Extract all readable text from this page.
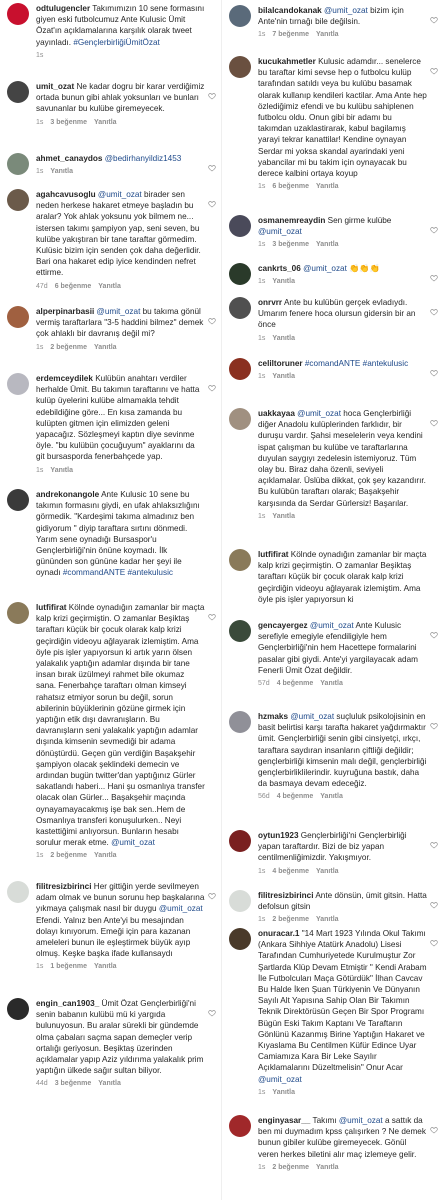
odtulugencler Takımımızın 10 sene formasını giyen eski futbolcumuz Ante Kulusic Ümit Özat'ın açıklamalarına karşılık olarak tweet yayınladı. #GençlerbirliğiÜmitÖzat
1s
umit_ozat Ne kadar dogru bir karar verdiğimiz ortada bunun gibi ahlak yoksunları ve bunları savunanlar bu kulübe giremeyecek.
1s 3 beğenme Yanıtla
ahmet_canaydos @bedirhanyildiz1453
1s Yanıtla
agahcavusoglu @umit_ozat birader sen neden herkese hakaret etmeye başladın bu aralar? Yok ahlak yoksunu yok bilmem ne... istersen takımı şampiyon yap, seni seven, bu kulübe yakıştıran bir tane taraftar görmedim. Kulüsic bizim için senden çok daha değerlidir. Bari ona hakaret edip iyice kendinden nefret ettirme.
47d 6 beğenme Yanıtla
alperpinarbasii @umit_ozat bu takıma gönül vermiş taraftarlara "3-5 haddini bilmez" demek çok ahlaklı bir davranış değil mi?
1s 2 beğenme Yanıtla
erdemceydilek Kulübün anahtarı verdiler herhalde Ümit. Bu takımın taraftarını ve hatta kulüp üyelerini kulübe almamakla tehdit edebildiğine göre... En kısa zamanda bu kulüpten gitmen için elimizden geleni yapacağız. Sözleşmeyi kaptın diye sevinme öyle. "bu kulübün çocuğuyum" ayaklarını da git bursasporda fenerbahçede yap.
1s Yanıtla
andrekonangole Ante Kulusic 10 sene bu takımın formasını giydi, en ufak ahlaksızlığını görmedik. "Kardeşimi takıma almadınız ben gidiyorum " diyip taraftara sırtını dönmedi. Yarım sene oynadığı Bursaspor'u Gençlerbirliği'nin önüne koymadı. İlk gününden son gününe kadar her şeyi ile oynadı #commandANTE #antekulusic
lutfifirat Kölnde oynadığın zamanlar bir maçta kalp krizi geçirmiştin. O zamanlar Beşiktaş taraftarı küçük bir çocuk olarak kalp krizi geçirdiğin videoyu ağlayarak izlemiştim. Ama öyle pis işler yapıyorsun ki artık yarın ölsen yalakalık yaptığın adamlar dışında bir tane insan bırak üzülmeyi rahmet bile okumaz sana. Fenerbahçe taraftarı olman kimseyi rahatsız etmiyor sorun bu değil, sorun abilerinin büyüklerinin gözüne girmek için yaptığın etik dışı davranışların. Bu davranışların seni yalakalık yaptığın adamlar dışında kimsenin sevmediği bir adama dönüştürdü. Geçen gün verdiğin Başakşehir şampiyon olacak şeklindeki demecin ve ardından bugün twitter'dan yaptığınız Gürler sakatlandı haberi... Hani şu osmanlıya transfer olacak olan Gürler... Başakşehir maçında oynayamayacakmış işe bak sen..Hem de Osmanlıya transferi konuşulurken.. Neyi kastettiğimi anlıyorsun. Bunların hesabı sorulur merak etme. @umit_ozat
1s 2 beğenme Yanıtla
filitresizbirinci Her gittiğin yerde sevilmeyen adam olmak ve bunun sorunu hep başkalarına yıkmaya çalışmak nasıl bir duygu @umit_ozat Efendi. Yalnız ben Ante'yi bu mesajından dolayı kınıyorum. Emeği için para kazanan ameleleri bunun ile eşleştirmek büyük ayıp olmuş. Keşke başka ifade kullansaydı
1s 1 beğenme Yanıtla
engin_can1903_ Ümit Özat Gençlerbirliği'ni senin babanın kulübü mü ki yargıda bulunuyosun. Bu aralar sürekli bir gündemde olma çabaları saçma sapan demeçler verip ortalığı geriyosun. Beşiktaş üzerinden açıklamalar yapıp Aziz yıldırıma yalakalık prim yaptığın ülkede sağır sultan biliyor.
44d 3 beğenme Yanıtla
bilalcandokanak @umit_ozat bizim için Ante'nin tırnağı bile değilsin.
1s 7 beğenme Yanıtla
kucukahmetler Kulusic adamdır... senelerce bu taraftar kimi sevse hep o futbolcu kulüp tarafından satıldı veya bu kulübu basamak olarak kullanıp kendileri kactilar. Ama Ante hep özlediğimiz efendi ve bu kulübu sahiplenen futbolcu oldu. Onun gibi bir adamı bu takımdan uzaklastirarak, kabul bagilamış yarayi tekrar kanattilar! Kendine oynayan Serdar mi yoksa skandal ayarindaki yeni yabancilar mi bu takim için oynayacak bu derece kalbini ortaya koyup
1s 6 beğenme Yanıtla
osmanemreaydin Sen girme kulübe @umit_ozat
1s 3 beğenme Yanıtla
cankrts_06 @umit_ozat 👏👏👏
1s Yanıtla
onrvrr Ante bu kulübün gerçek evladıydı. Umarım fenere hoca olursun gidersin bir an önce
1s Yanıtla
celiltoruner #comandANTE #antekulusic
1s Yanıtla
uakkayaa @umit_ozat hoca Gençlerbirliği diğer Anadolu kulüplerinden farklıdır, bir duruşu vardır. Şahsi meselelerin veya kendini ispat çalışman bu kulübe ve taraftarlarına duyulan saygıyı zedelesin istemiyoruz. Tüm olay bu. Biraz daha özenli, seviyeli açıklamalar. Üslüba dikkat, çok şey kazandırır. Bu kulübün taraftarı olarak; Başakşehir karşısında da Serdar Gürlersiz! Başarılar.
1s Yanıtla
lutfifirat Kölnde oynadığın zamanlar bir maçta kalp krizi geçirmiştin. O zamanlar Beşiktaş taraftarı küçük bir çocuk olarak kalp krizi geçirdiğin videoyu ağlayarak izlemiştim. Ama öyle pis işler yapıyorsun ki
gencayergez @umit_ozat Ante Kulusic serefiyle emegiyle efendiligiyle hem Gençlerbirliği'nin hem Hacettepe formalarini pasalar gibi giydi. Ante'yi yargilayacak adam Fenerli Ümit Özat değildir.
57d 4 beğenme Yanıtla
hzmaks @umit_ozat suçluluk psikolojisinin en basit belirtisi karşı tarafta hakaret yağdırmaktır ümit. Gençlerbirliği senin gibi cinsiyetçi, ırkçı, taraftara saydıran insanların çiftliği değildir; gençlerbirliği kimsenin malı değil, gençlerbirliği gençlerbirliklilerindir. kuyruğuna bastık, daha da basmaya devam edeceğiz.
56d 4 beğenme Yanıtla
oytun1923 Gençlerbirliği'ni Gençlerbirliği yapan taraftardır. Bizi de biz yapan centilmenliğimizdir. Yakışmıyor.
1s 4 beğenme Yanıtla
filitresizbirinci Ante dönsün, ümit gitsin. Hatta defolsun gitsin
1s 2 beğenme Yanıtla
onuracar.1 "14 Mart 1923 Yılında Okul Takımı (Ankara Sihhiye Atatürk Anadolu) Lisesi Tarafından Cumhuriyetede Kurulmuştur Zor Şartlarda Klüp Devam Etmiştir " Kendi Arabam İle Futbolcuları Maça Götürdük" İlhan Cavcav Bu Halde İken Şuan Türkiyenin Ve Dünyanın Sayılı Alt Yapısına Sahip Olan Bir Takımın Teknik Direktörüsün Geçen Bir Spor Programı Bügün Eski Takım Kaptanı Ve Taraftarın Gönlünü Kazanmış Birine Yaptığın Hakaret ve Kıyaslama Bu Centilmen Küfür Edince Uyar Camiamıza Kara Bir Leke Sayılır Açıklamalarını Düzeltmelisin" Onur Acar @umit_ozat
1s Yanıtla
enginyasar__ Takımı @umit_ozat a sattık da ben mi duymadım kpss çalışırken ? Ne demek bunun gibiler kulübe giremeyecek. Gönül veren herkes biletini alır maç izlemeye gelir.
1s 2 beğenme Yanıtla
